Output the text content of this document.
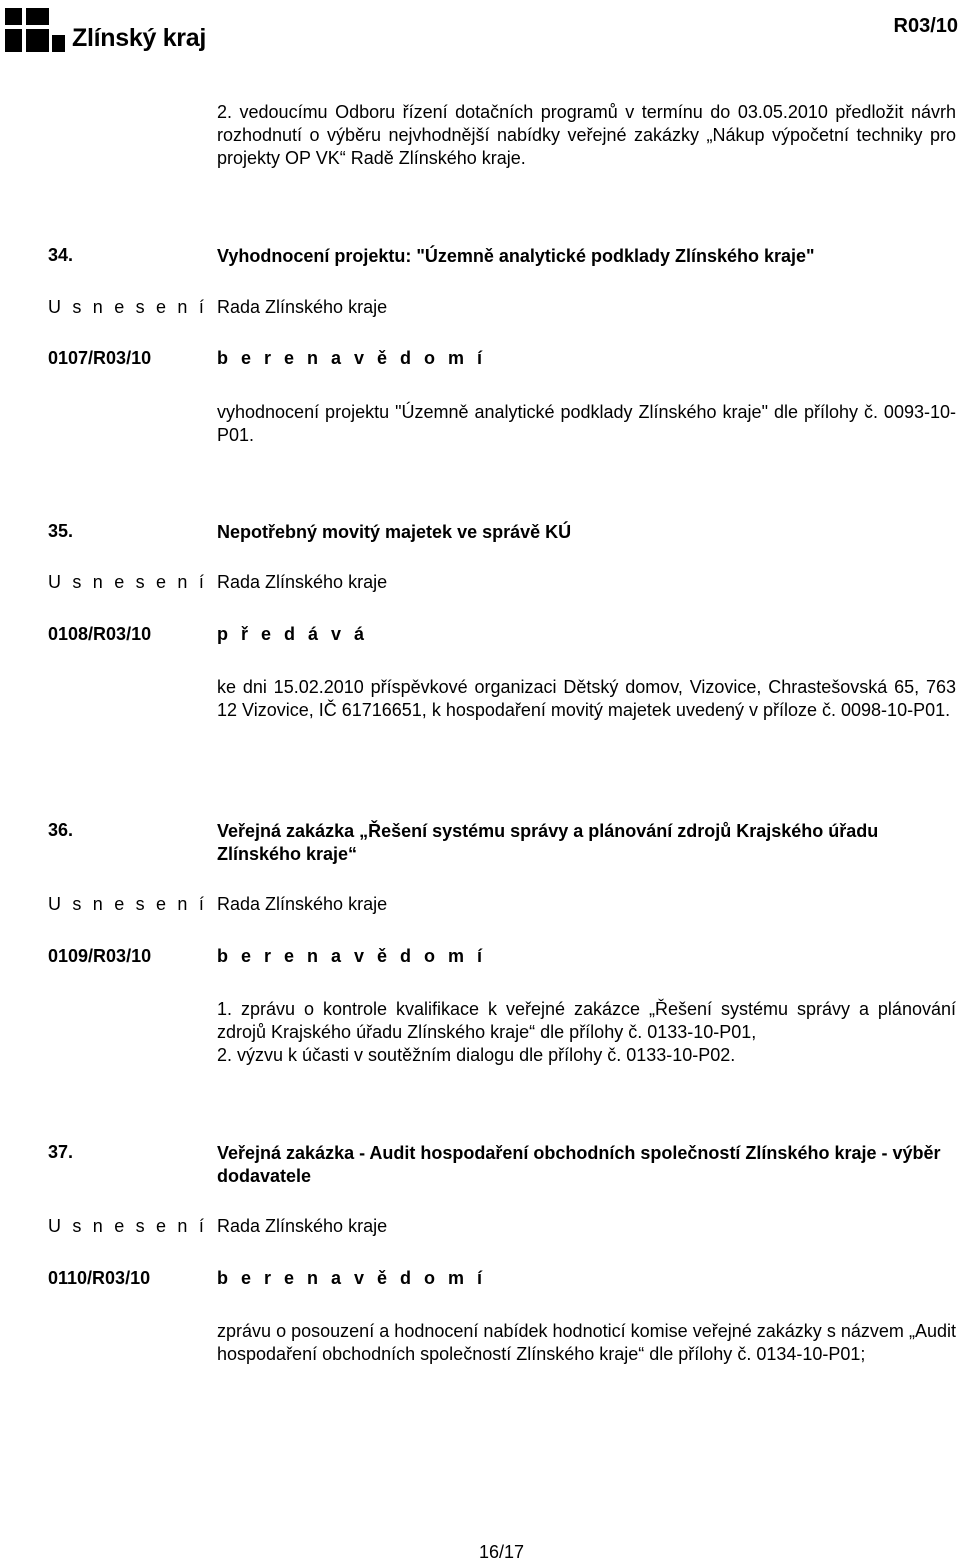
Zlínský kraj	R03/10
2. vedoucímu Odboru řízení dotačních programů v termínu do 03.05.2010 předložit návrh rozhodnutí o výběru nejvhodnější nabídky veřejné zakázky „Nákup výpočetní techniky pro projekty OP VK“ Radě Zlínského kraje.
34.	Vyhodnocení projektu: "Územně analytické podklady Zlínského kraje"
U s n e s e n í Rada Zlínského kraje
0107/R03/10	b e r e n a v ě d o m í
vyhodnocení projektu "Územně analytické podklady Zlínského kraje" dle přílohy č. 0093-10-P01.
35.	Nepotřebný movitý majetek ve správě KÚ
U s n e s e n í Rada Zlínského kraje
0108/R03/10	p ř e d á v á
ke dni 15.02.2010 příspěvkové organizaci Dětský domov, Vizovice, Chrastešovská 65, 763 12 Vizovice, IČ 61716651, k hospodaření movitý majetek uvedený v příloze č. 0098-10-P01.
36.	Veřejná zakázka „Řešení systému správy a plánování zdrojů Krajského úřadu Zlínského kraje“
U s n e s e n í Rada Zlínského kraje
0109/R03/10	b e r e n a v ě d o m í
1. zprávu o kontrole kvalifikace k veřejné zakázce „Řešení systému správy a plánování zdrojů Krajského úřadu Zlínského kraje“ dle přílohy č. 0133-10-P01,
2. výzvu k účasti v soutěžním dialogu dle přílohy č. 0133-10-P02.
37.	Veřejná zakázka - Audit hospodaření obchodních společností Zlínského kraje - výběr dodavatele
U s n e s e n í Rada Zlínského kraje
0110/R03/10	b e r e n a v ě d o m í
zprávu o posouzení a hodnocení nabídek hodnoticí komise veřejné zakázky s názvem „Audit hospodaření obchodních společností Zlínského kraje“ dle přílohy č. 0134-10-P01;
16/17
